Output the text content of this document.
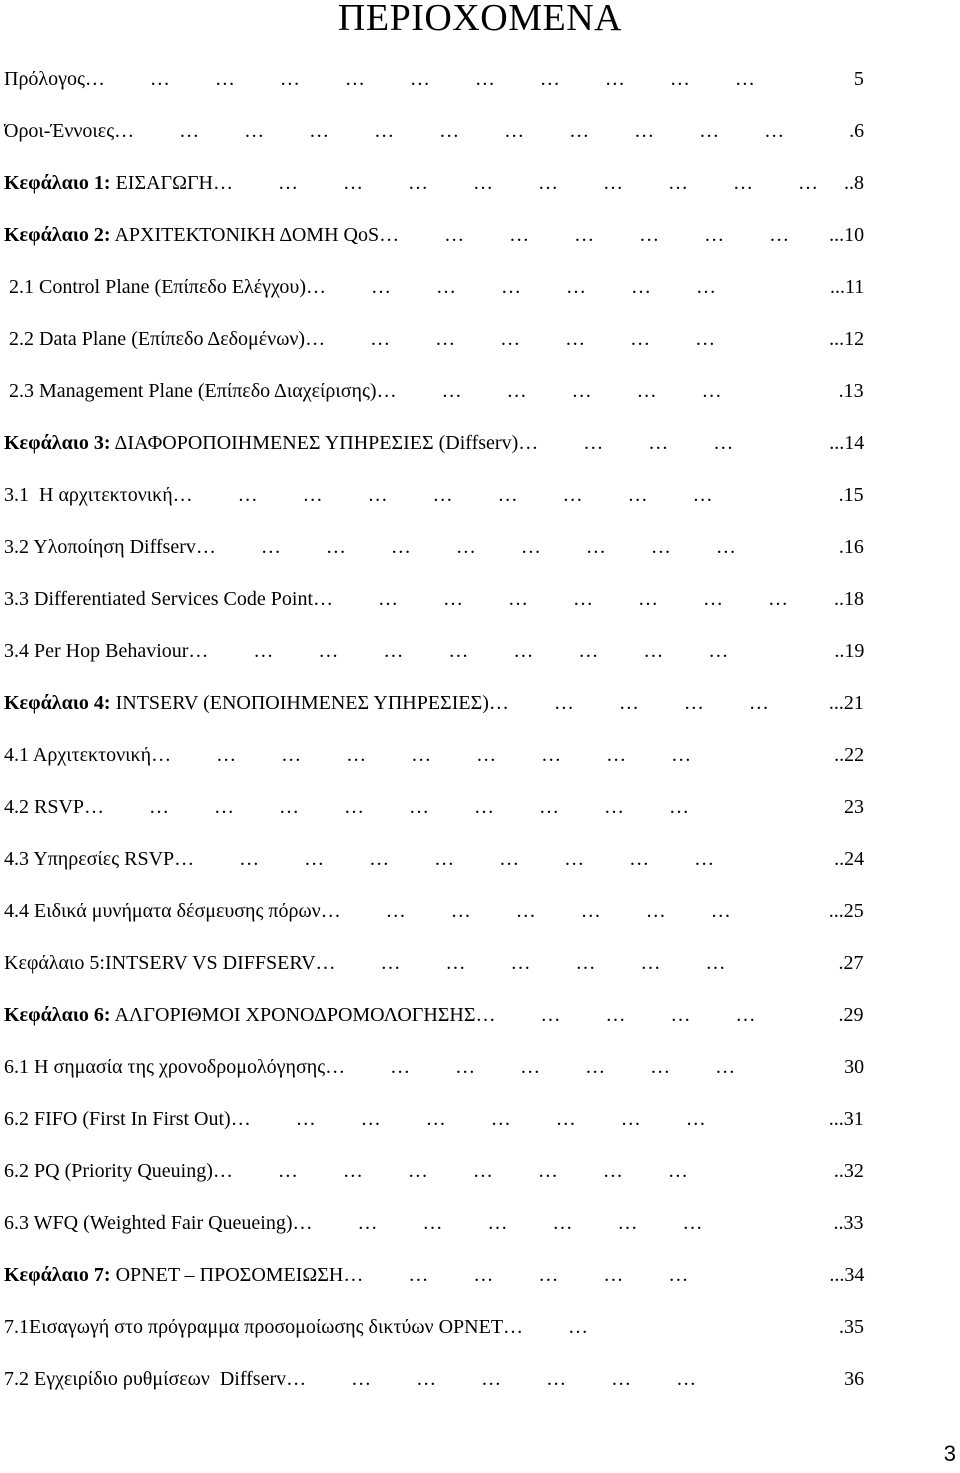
ΠΕΡΙΟΧΟΜΕΝΑ
Πρόλογος…         …         …         …         …         …         …         …         …         …         …	5
Όροι-Έννοιες…         …         …         …         …         …         …         …         …         …         …	.6
Κεφάλαιο 1: ΕΙΣΑΓΩΓΗ…         …         …         …         …         …         …         …         …         … ..8
Κεφάλαιο 2: ΑΡΧΙΤΕΚΤΟΝΙΚΗ ΔΟΜΗ QoS…         …         …         …         …         …         … ...10
2.1 Control Plane (Επίπεδο Ελέγχου)…         …         …         …         …         …         …	...11
2.2 Data Plane (Επίπεδο Δεδομένων)…         …         …         …         …         …         …	...12
2.3 Management Plane (Επίπεδο Διαχείρισης)…         …         …         …         …         …	.13
Κεφάλαιο 3: ΔΙΑΦΟΡΟΠΟΙΗΜΕΝΕΣ ΥΠΗΡΕΣΙΕΣ (Diffserv)…         …         …         …	...14
3.1  Η αρχιτεκτονική…         …         …         …         …         …         …         …         …	.15
3.2 Υλοποίηση Diffserv…         …         …         …         …         …         …         …         …	.16
3.3 Differentiated Services Code Point…         …         …         …         …         …         …         … ..18
3.4 Per Hop Behaviour…         …         …         …         …         …         …         …         …	..19
Κεφάλαιο 4: INTSERV (ΕΝΟΠΟΙΗΜΕΝΕΣ ΥΠΗΡΕΣΙΕΣ)…         …         …         …         …	...21
4.1 Αρχιτεκτονική…         …         …         …         …         …         …         …         …	..22
4.2 RSVP…         …         …         …         …         …         …         …         …         …	23
4.3 Υπηρεσίες RSVP…         …         …         …         …         …         …         …         …	..24
4.4 Ειδικά μυνήματα δέσμευσης πόρων…         …         …         …         …         …         …	...25
Κεφάλαιο 5:INTSERV VS DIFFSERV…         …         …         …         …         …         …	.27
Κεφάλαιο 6: ΑΛΓΟΡΙΘΜΟΙ ΧΡΟΝΟΔΡΟΜΟΛΟΓΗΣΗΣ…         …         …         …         …	.29
6.1 Η σημασία της χρονοδρομολόγησης…         …         …         …         …         …         …	30
6.2 FIFO (First In First Out)…         …         …         …         …         …         …         …	...31
6.2 PQ (Priority Queuing)…         …         …         …         …         …         …         …	..32
6.3 WFQ (Weighted Fair Queueing)…         …         …         …         …         …         …	..33
Κεφάλαιο 7: OPNET – ΠΡΟΣΟΜΕΙΩΣΗ…         …         …         …         …         …	...34
7.1Εισαγωγή στο πρόγραμμα προσομοίωσης δικτύων OPNET…         …	.35
7.2 Εγχειρίδιο ρυθμίσεων  Diffserv…         …         …         …         …         …         …	36
3
